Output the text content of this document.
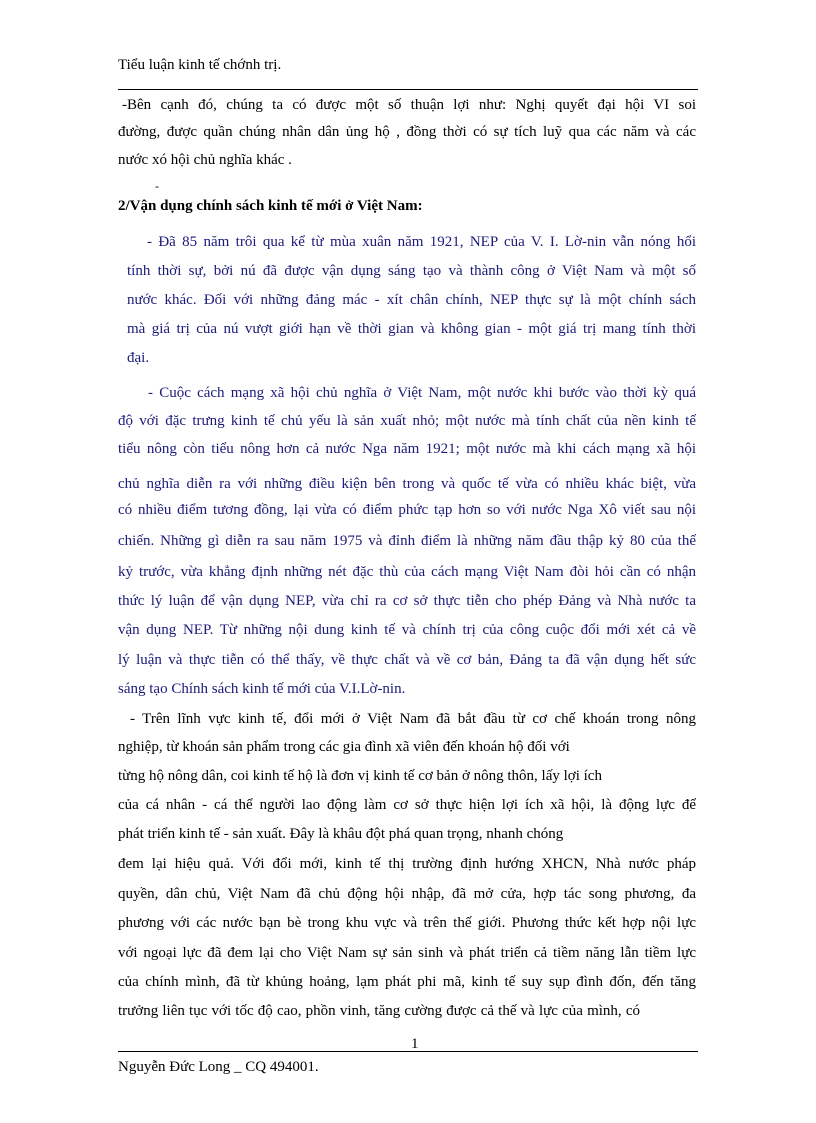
Tiểu luận kinh tế chớnh trị.
-Bên cạnh đó, chúng ta có được một số thuận lợi như: Nghị quyết đại hội VI soi
đường, được quần chúng nhân dân ủng hộ , đồng thời có sự tích luỹ qua các năm và các
nước xó hội chủ nghĩa khác .
-
2/Vận dụng chính sách kinh tế mới ở Việt Nam:
- Đã 85 năm trôi qua kể từ mùa xuân năm 1921, NEP của V. I. Lờ-nin vẫn nóng hổi
tính thời sự, bởi nú đã được vận dụng sáng tạo và thành công ở Việt Nam và một số
nước khác. Đối với những đảng mác - xít chân chính, NEP thực sự là một chính sách
mà giá trị của nú vượt giới hạn về thời gian và không gian - một giá trị mang tính thời
đại.
- Cuộc cách mạng xã hội chủ nghĩa ở Việt Nam, một nước khi bước vào thời kỳ quá
độ với đặc trưng kinh tế chủ yếu là sản xuất nhỏ; một nước mà tính chất của nền kinh tế
tiểu nông còn tiểu nông hơn cả nước Nga năm 1921; một nước mà khi cách mạng xã hội
chủ nghĩa diễn ra với những điều kiện bên trong và quốc tế vừa có nhiều khác biệt, vừa
có nhiều điểm tương đồng, lại vừa có điểm phức tạp hơn so với nước Nga Xô viết sau nội
chiến. Những gì diễn ra sau năm 1975 và đỉnh điểm là những năm đầu thập kỷ 80 của thế
kỷ trước, vừa khẳng định những nét đặc thù của cách mạng Việt Nam đòi hỏi cần có nhận
thức lý luận để vận dụng NEP, vừa chỉ ra cơ sở thực tiễn cho phép Đảng và Nhà nước ta
vận dụng NEP. Từ những nội dung kinh tế và chính trị của công cuộc đổi mới xét cả về
lý luận và thực tiễn có thể thấy, về thực chất và về cơ bản, Đảng ta đã vận dụng hết sức
sáng tạo Chính sách kinh tế mới của V.I.Lờ-nin.
- Trên lĩnh vực kinh tế, đổi mới ở Việt Nam đã bắt đầu từ cơ chế khoán trong nông
nghiệp, từ khoán sản phẩm trong các gia đình xã viên đến khoán hộ đối với
từng hộ nông dân, coi kinh tế hộ là đơn vị kinh tế cơ bản ở nông thôn, lấy lợi ích
của cá nhân - cá thể người lao động làm cơ sở thực hiện lợi ích xã hội, là động lực để
phát triển kinh tế - sản xuất. Đây là khâu đột phá quan trọng, nhanh chóng
đem lại hiệu quả. Với đổi mới, kinh tế thị trường định hướng XHCN, Nhà nước pháp
quyền, dân chủ, Việt Nam đã chủ động hội nhập, đã mở cửa, hợp tác song phương, đa
phương với các nước bạn bè trong khu vực và trên thế giới. Phương thức kết hợp nội lực
với ngoại lực đã đem lại cho Việt Nam sự sản sinh và phát triển cả tiềm năng lẫn tiềm lực
của chính mình, đã từ khủng hoảng, lạm phát phi mã, kinh tế suy sụp đình đốn, đến tăng
trưởng liên tục với tốc độ cao, phồn vinh, tăng cường được cả thế và lực của mình, có
1
Nguyễn Đức Long _ CQ 494001.
